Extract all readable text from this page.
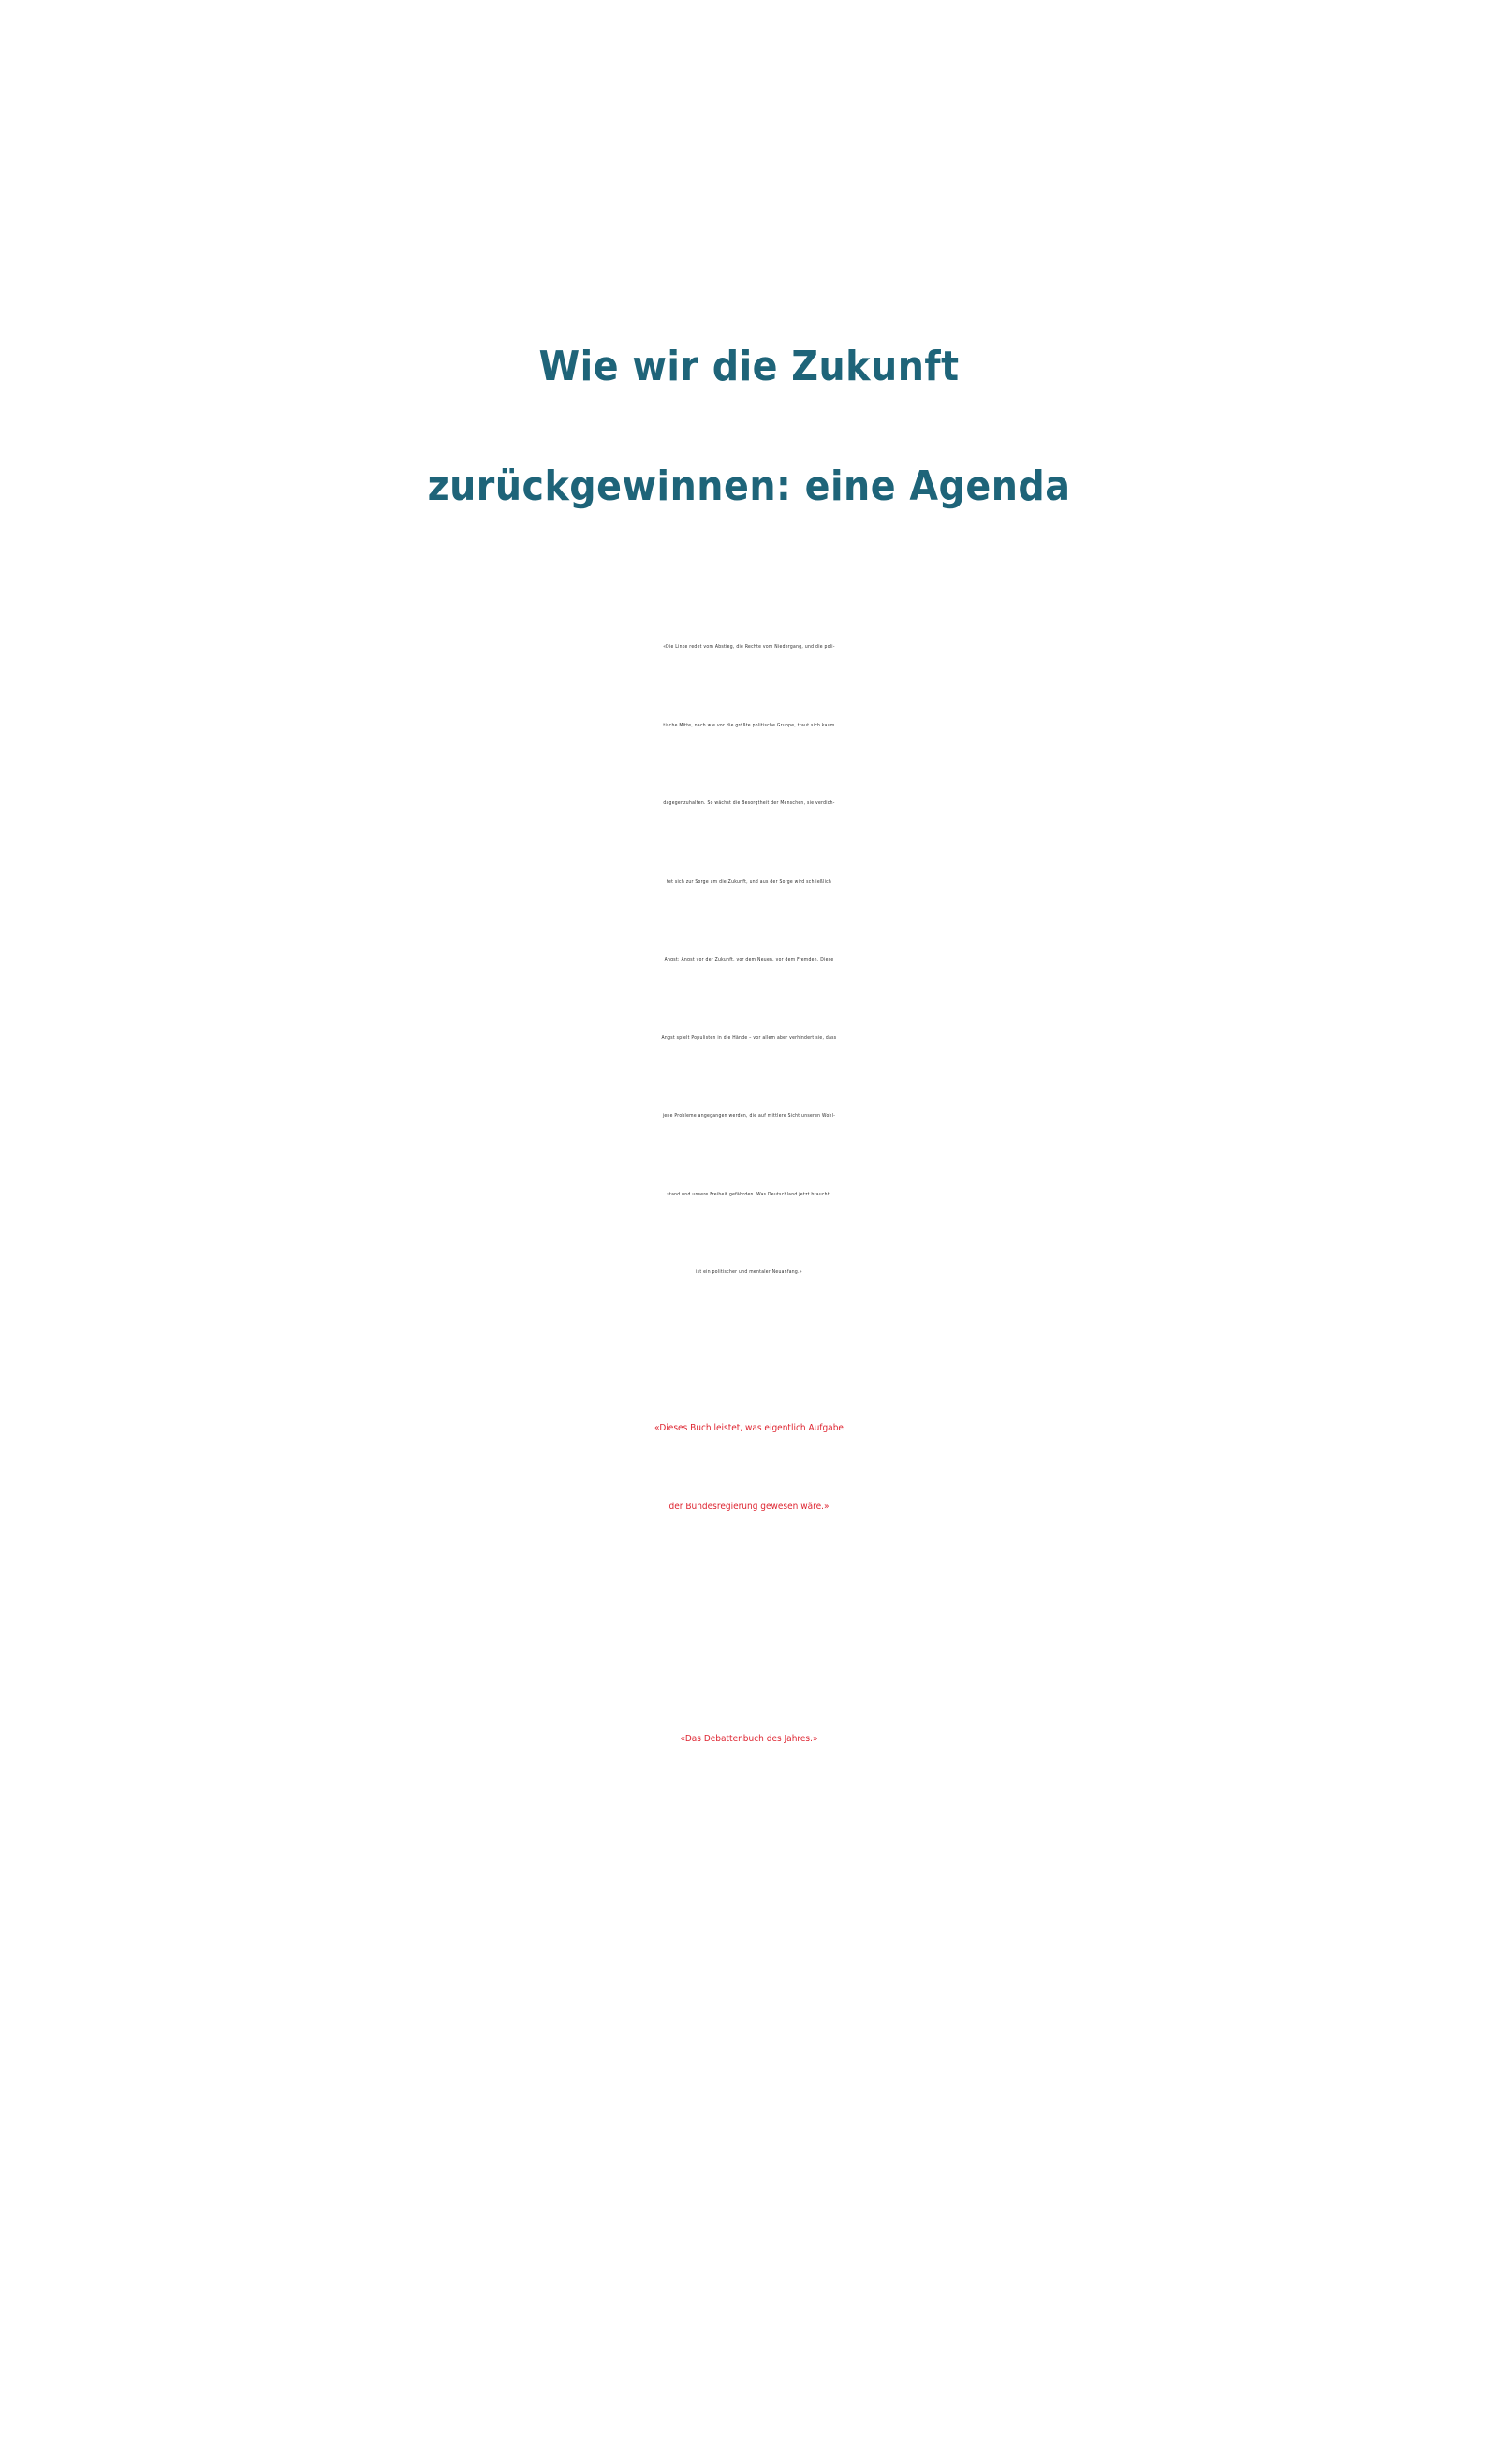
Wie wir die Zukunft
zurückgewinnen: eine Agenda
«Die Linke redet vom Abstieg, die Rechte vom Niedergang, und die poli-
tische Mitte, nach wie vor die größte politische Gruppe, traut sich kaum
dagegenzuhalten. So wächst die Besorgtheit der Menschen, sie verdich-
tet sich zur Sorge um die Zukunft, und aus der Sorge wird schließlich
Angst: Angst vor der Zukunft, vor dem Neuen, vor dem Fremden. Diese
Angst spielt Populisten in die Hände – vor allem aber verhindert sie, dass
jene Probleme angegangen werden, die auf mittlere Sicht unseren Wohl-
stand und unsere Freiheit gefährden. Was Deutschland jetzt braucht,
ist ein politischer und mentaler Neuanfang.»
«Dieses Buch leistet, was eigentlich Aufgabe
der Bundesregierung gewesen wäre.»
«Das Debattenbuch des Jahres.»
